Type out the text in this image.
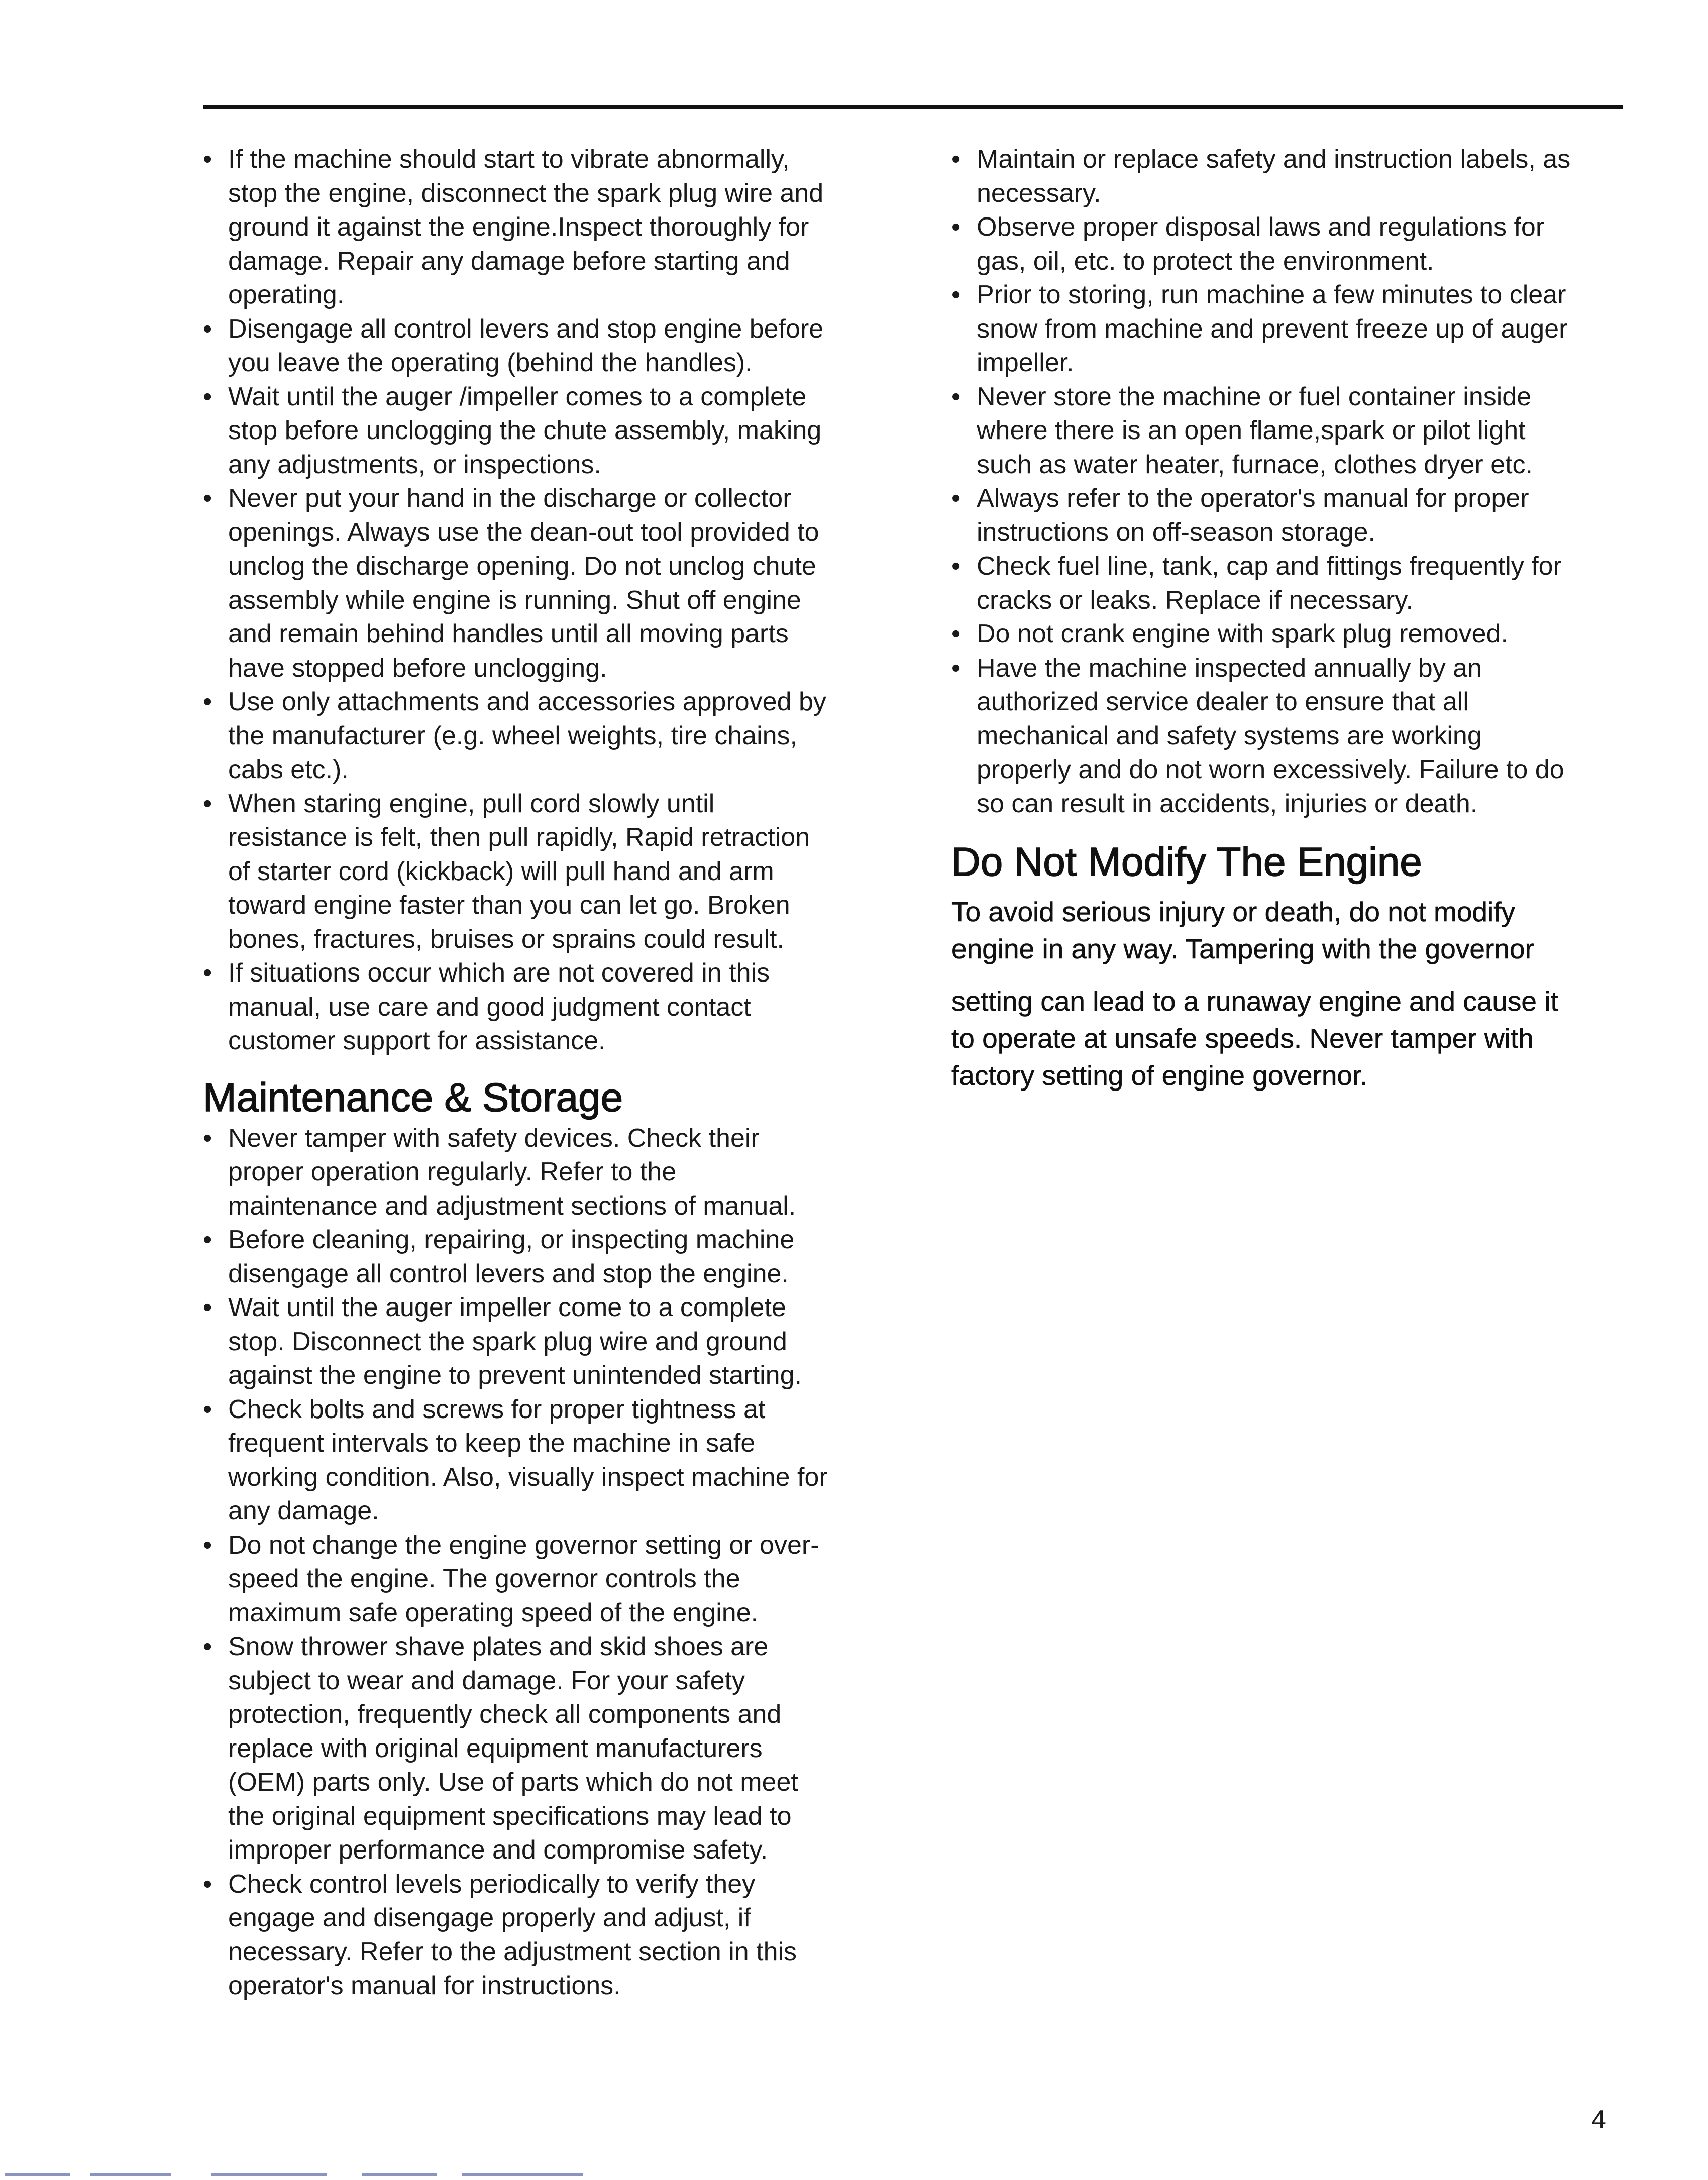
• If the machine should start to vibrate abnormally,
stop the engine, disconnect the spark plug wire and
ground it against the engine.Inspect thoroughly for
damage. Repair any damage before starting and
operating.
• Disengage all control levers and stop engine before
you leave the operating (behind the handles).
• Wait until the auger /impeller comes to a complete
stop before unclogging the chute assembly, making
any adjustments, or inspections.
• Never put your hand in the discharge or collector
openings. Always use the dean-out tool provided to
unclog the discharge opening. Do not unclog chute
assembly while engine is running. Shut off engine
and remain behind handles until all moving parts
have stopped before unclogging.
• Use only attachments and accessories approved by
the manufacturer (e.g. wheel weights, tire chains,
cabs etc.).
• When staring engine, pull cord slowly until
resistance is felt, then pull rapidly, Rapid retraction
of starter cord (kickback) will pull hand and arm
toward engine faster than you can let go. Broken
bones, fractures, bruises or sprains could result.
• If situations occur which are not covered in this
manual, use care and good judgment contact
customer support for assistance.
Maintenance & Storage
• Never tamper with safety devices. Check their
proper operation regularly. Refer to the
maintenance and adjustment sections of manual.
• Before cleaning, repairing, or inspecting machine
disengage all control levers and stop the engine.
• Wait until the auger impeller come to a complete
stop. Disconnect the spark plug wire and ground
against the engine to prevent unintended starting.
• Check bolts and screws for proper tightness at
frequent intervals to keep the machine in safe
working condition. Also, visually inspect machine for
any damage.
• Do not change the engine governor setting or over-
speed the engine. The governor controls the
maximum safe operating speed of the engine.
• Snow thrower shave plates and skid shoes are
subject to wear and damage. For your safety
protection, frequently check all components and
replace with original equipment manufacturers
(OEM) parts only. Use of parts which do not meet
the original equipment specifications may lead to
improper performance and compromise safety.
• Check control levels periodically to verify they
engage and disengage properly and adjust, if
necessary. Refer to the adjustment section in this
operator's manual for instructions.
• Maintain or replace safety and instruction labels, as
necessary.
• Observe proper disposal laws and regulations for
gas, oil, etc. to protect the environment.
• Prior to storing, run machine a few minutes to clear
snow from machine and prevent freeze up of auger
impeller.
• Never store the machine or fuel container inside
where there is an open flame,spark or pilot light
such as water heater, furnace, clothes dryer etc.
• Always refer to the operator's manual for proper
instructions on off-season storage.
• Check fuel line, tank, cap and fittings frequently for
cracks or leaks. Replace if necessary.
• Do not crank engine with spark plug removed.
• Have the machine inspected annually by an
authorized service dealer to ensure that all
mechanical and safety systems are working
properly and do not worn excessively. Failure to do
so can result in accidents, injuries or death.
Do Not Modify The Engine

To avoid serious injury or death, do not modify
engine in any way. Tampering with the governor

setting can lead to a runaway engine and cause it
to operate at unsafe speeds. Never tamper with
factory setting of engine governor.

4
